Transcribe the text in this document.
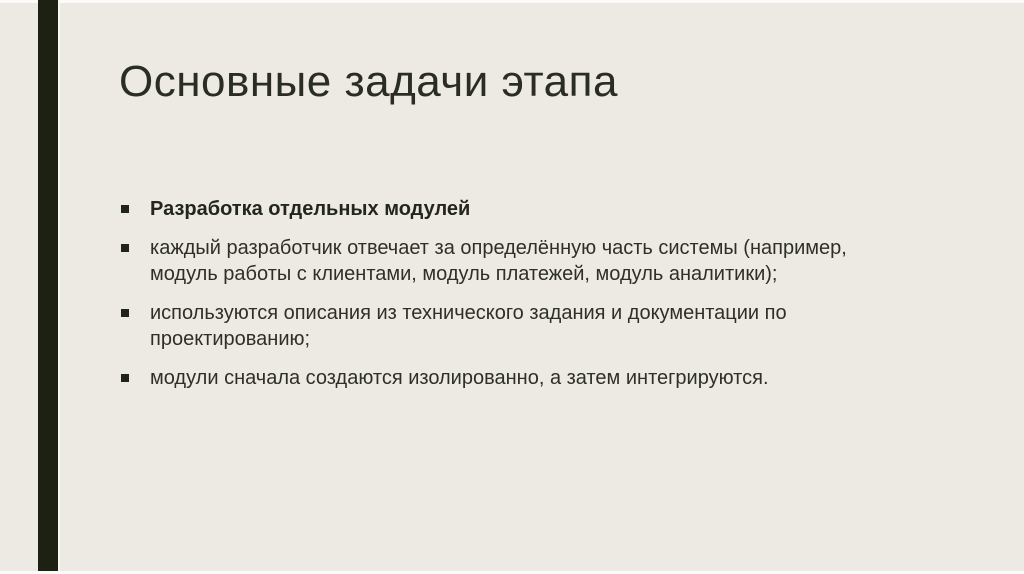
Основные задачи этапа
Разработка отдельных модулей
каждый разработчик отвечает за определённую часть системы (например, модуль работы с клиентами, модуль платежей, модуль аналитики);
используются описания из технического задания и документации по проектированию;
модули сначала создаются изолированно, а затем интегрируются.
